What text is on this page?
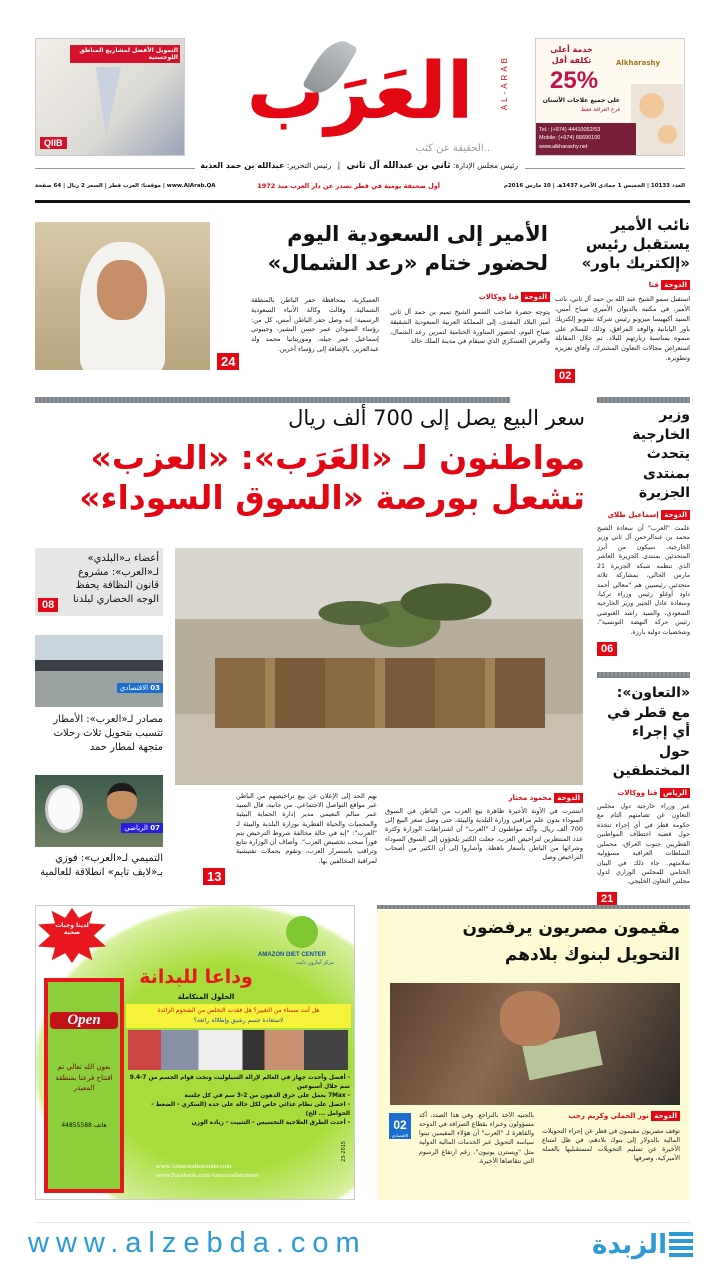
التمويل الأفضل لمشاريع المناطق اللوجستية
QIIB
العَرَب	AL-ARAB
..الحقيقة عن كثب
خدمة أعلى
تكلفة أقل
25%
Alkharashy
على جميع علاجات الأسنان
فرع الغرافة فقط
Tel.: (+974) 44410052/53
Mobile: (+974) 66690100
www.alkharashy.net
رئيس مجلس الإدارة: ثاني بن عبدالله آل ثاني | رئيس التحرير: عبدالله بن حمد العذبة
العدد 10133 | الخميس 1 جمادى الآخرة 1437هـ | 10 مارس 2016م
أول صحيفة يومية في قطر تصدر عن دار العرب منذ 1972
www.AlArab.QA | موقعنا: العرب قطر | السعر 2 ريال | 64 صفحة
نائب الأمير يستقبل رئيس «إلكتريك باور»
الدوحة قنا
استقبل سمو الشيخ عبد الله بن حمد آل ثاني، نائب الأمير، في مكتبه بالديوان الأميري صباح أمس، السيد أكيهيسا ميزونو رئيس شركة تشوبو إلكتريك باور اليابانية والوفد المرافق، وذلك للسلام على سموه بمناسبة زيارتهم للبلاد. تم خلال المقابلة استعراض مجالات التعاون المشترك، وآفاق تعزيزه وتطويره.
02
الأمير إلى السعودية اليوم لحضور ختام «رعد الشمال»
الدوحة قنا ووكالات
يتوجه حضرة صاحب السمو الشيخ تميم بن حمد آل ثاني أمير البلاد المفدى، إلى المملكة العربية السعودية الشقيقة صباح اليوم، لحضور المناورة الختامية لتمرين رعد الشمال، والعرض العسكري الذي سيقام في مدينة الملك خالد
العسكرية، بمحافظة حفر الباطن بالمنطقة الشمالية. وقالت وكالة الأنباء السعودية الرسمية: إنه وصل حفر الباطن أمس، كل من: رؤساء السودان عمر حسن البشير، وجيبوتي إسماعيل عمر جيله، وموريتانيا محمد ولد عبدالعزيز، بالإضافة إلى رؤساء آخرين.
24
سعر البيع يصل إلى 700 ألف ريال
مواطنون لـ «العَرَب»: «العزب»
تشعل بورصة «السوق السوداء»
وزير الخارجية يتحدث بمنتدى الجزيرة
الدوحة إسماعيل طلاي
علمت "العرب" أن سعادة الشيخ محمد بن عبدالرحمن آل ثاني وزير الخارجية، سيكون من أبرز المتحدثين بمنتدى الجزيرة العاشر الذي تنظمه شبكة الجزيرة 21 مارس الحالي، بمشاركة ثلاثة متحدثين رئيسيين هم "معالي أحمد داود أوغلو رئيس وزراء تركيا، وسعادة عادل الجبير وزير الخارجية السعودي، والسيد راشد الغنوشي رئيس حركة النهضة التونسية"، وشخصيات دولية بارزة.
06
«التعاون»: مع قطر في أي إجراء حول المختطفين
الرياض قنا ووكالات
عبر وزراء خارجية دول مجلس التعاون عن تضامنهم التام مع حكومة قطر في أي إجراء تتخذه حول قضية اختطاف المواطنين القطريين جنوب العراق، محملين السلطات العراقية مسؤولية سلامتهم. جاء ذلك في البيان الختامي للمجلس الوزاري لدول مجلس التعاون الخليجي.
21
أعضاء بـ«البلدي» لـ«العرب»: مشروع قانون النظافة يحفظ الوجه الحضاري لبلدنا
08
03 الاقتصادي
مصادر لـ«العرب»: الأمطار تتسبب بتحويل ثلاث رحلات متجهة لمطار حمد
07 الرياضي
التميمي لـ«العرب»: فوزي بـ«لايف تايم» انطلاقة للعالمية
الدوحة محمود مختار
انتشرت في الآونة الأخيرة ظاهرة بيع العزب من الباطن في السوق السوداء بدون علم مراقبي وزارة البلدية والبيئة، حتى وصل سعر البيع إلى 700 ألف ريال. وأكد مواطنون لـ "العرب" أن اشتراطات الوزارة وكثرة عدد المنتظرين لتراخيص العزب، جعلت الكثير يلجؤون إلى السوق السوداء وشرائها من الباطن بأسعار باهظة. وأشاروا إلى أن الكثير من أصحاب التراخيص وصل
بهم الحد إلى الإعلان عن بيع تراخيصهم من الباطن عبر مواقع التواصل الاجتماعي. من جانبه، قال السيد عمر سالم النعيمي مدير إدارة الحماية البيئية والمحميات والحياة الفطرية بوزارة البلدية والبيئة لـ "العرب": "إنه في حالة مخالفة شروط الترخيص يتم فوراً سحب تخصيص العزب". وأضاف أن الوزارة تتابع وتراقب باستمرار العزب، وتقوم بحملات تفتيشية لمراقبة المخالفين بها.
13
لدينا وجبات صحية
AMAZON DIET CENTER
مركز أمازون دايت
وداعا للبدانة
الحلول المتكاملة
هل أنت مستاء من التغيير؟ هل فقدت التخلص من الشحوم الزائدة
لاستعادة جسم رشيق وإطلالة رائعة؟
Open
بعون الله تعالى تم افتتاح فرعنا بمنطقة المعيذر
هاتف 44855588
- أفضل وأحدث جهاز في العالم لإزالة السيلوليت ونحت قوام الجسم من 7-9.4 سم خلال أسبوعين
- 7Max يعمل على حرق الدهون من 2-3 سم في كل جلسة
- احصل على نظام غذائي خاص لكل حالة على حدة (السكري - الضغط - الحوامل ... الخ)
- أحدث الطرق العلاجية التخسيس - التثبيت - زيادة الوزن
www.Amazondietcenter.com
www.Facebook.com/Amazondietcenter
23-2015
مقيمون مصريون يرفضون التحويل لبنوك بلادهم
الدوحة نور الحملي وكريم رجب
توقف مصريون مقيمون في قطر عن إجراء التحويلات المالية بالدولار إلى بنوك بلادهم، في ظل امتناع الأخيرة عن تسليم التحويلات لمستقبليها بالعملة الأميركية، وصرفها
بالجنيه الآخذ بالتراجع. وفي هذا الصدد، أكد مسؤولون وخبراء بقطاع الصرافة في الدوحة والقاهرة لـ "العرب" أن هؤلاء المقيمين تبنوا سياسة التحويل عبر الخدمات المالية الدولية مثل "ويسترن يونيون"، رغم ارتفاع الرسوم التي تتقاضاها الأخيرة.
02
الاقتصادي
www.alzebda.com	الزبدة
